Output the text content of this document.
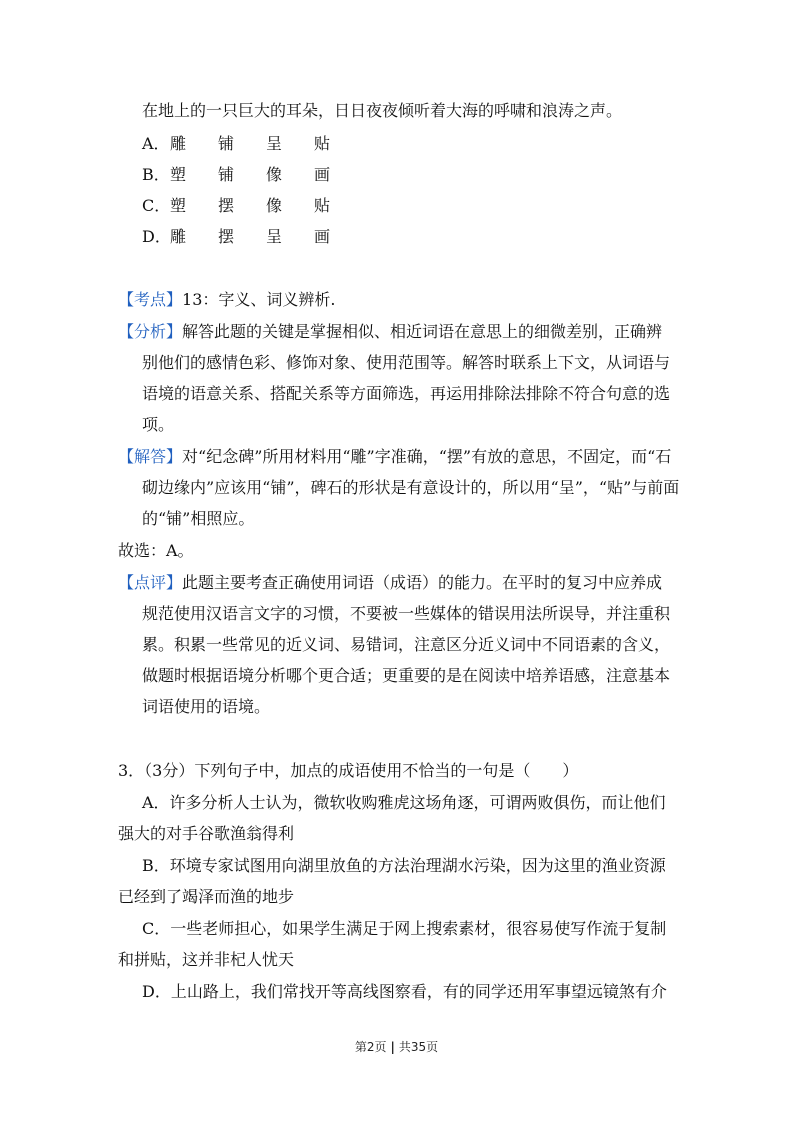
在地上的一只巨大的耳朵，日日夜夜倾听着大海的呼啸和浪涛之声。
A．雕 铺 呈 贴
B．塑 铺 像 画
C．塑 摆 像 贴
D．雕 摆 呈 画
【考点】13：字义、词义辨析.
【分析】解答此题的关键是掌握相似、相近词语在意思上的细微差别，正确辨
别他们的感情色彩、修饰对象、使用范围等。解答时联系上下文，从词语与
语境的语意关系、搭配关系等方面筛选，再运用排除法排除不符合句意的选
项。
【解答】对“纪念碑”所用材料用“雕”字准确，“摆”有放的意思，不固定，而“石
砌边缘内”应该用“铺”，碑石的形状是有意设计的，所以用“呈”，“贴”与前面
的“铺”相照应。
故选：A。
【点评】此题主要考查正确使用词语（成语）的能力。在平时的复习中应养成
规范使用汉语言文字的习惯，不要被一些媒体的错误用法所误导，并注重积
累。积累一些常见的近义词、易错词，注意区分近义词中不同语素的含义，
做题时根据语境分析哪个更合适；更重要的是在阅读中培养语感，注意基本
词语使用的语境。
3．（3分）下列句子中，加点的成语使用不恰当的一句是（　　）
A．许多分析人士认为，微软收购雅虎这场角逐，可谓两败俱伤，而让他们
强大的对手谷歌渔翁得利
B．环境专家试图用向湖里放鱼的方法治理湖水污染，因为这里的渔业资源
已经到了竭泽而渔的地步
C．一些老师担心，如果学生满足于网上搜索素材，很容易使写作流于复制
和拼贴，这并非杞人忧天
D．上山路上，我们常找开等高线图察看，有的同学还用军事望远镜煞有介
第2页 | 共35页
